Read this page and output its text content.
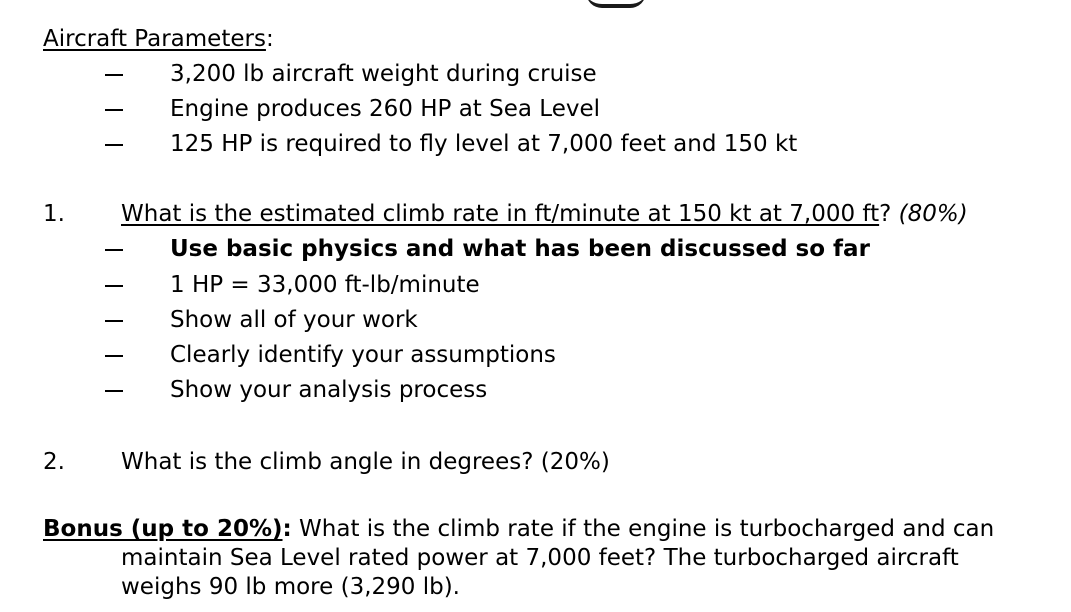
Aircraft Parameters:
3,200 lb aircraft weight during cruise
Engine produces 260 HP at Sea Level
125 HP is required to fly level at 7,000 feet and 150 kt
1. What is the estimated climb rate in ft/minute at 150 kt at 7,000 ft? (80%)
Use basic physics and what has been discussed so far
1 HP = 33,000 ft-lb/minute
Show all of your work
Clearly identify your assumptions
Show your analysis process
2. What is the climb angle in degrees? (20%)
Bonus (up to 20%): What is the climb rate if the engine is turbocharged and can
maintain Sea Level rated power at 7,000 feet? The turbocharged aircraft
weighs 90 lb more (3,290 lb).
